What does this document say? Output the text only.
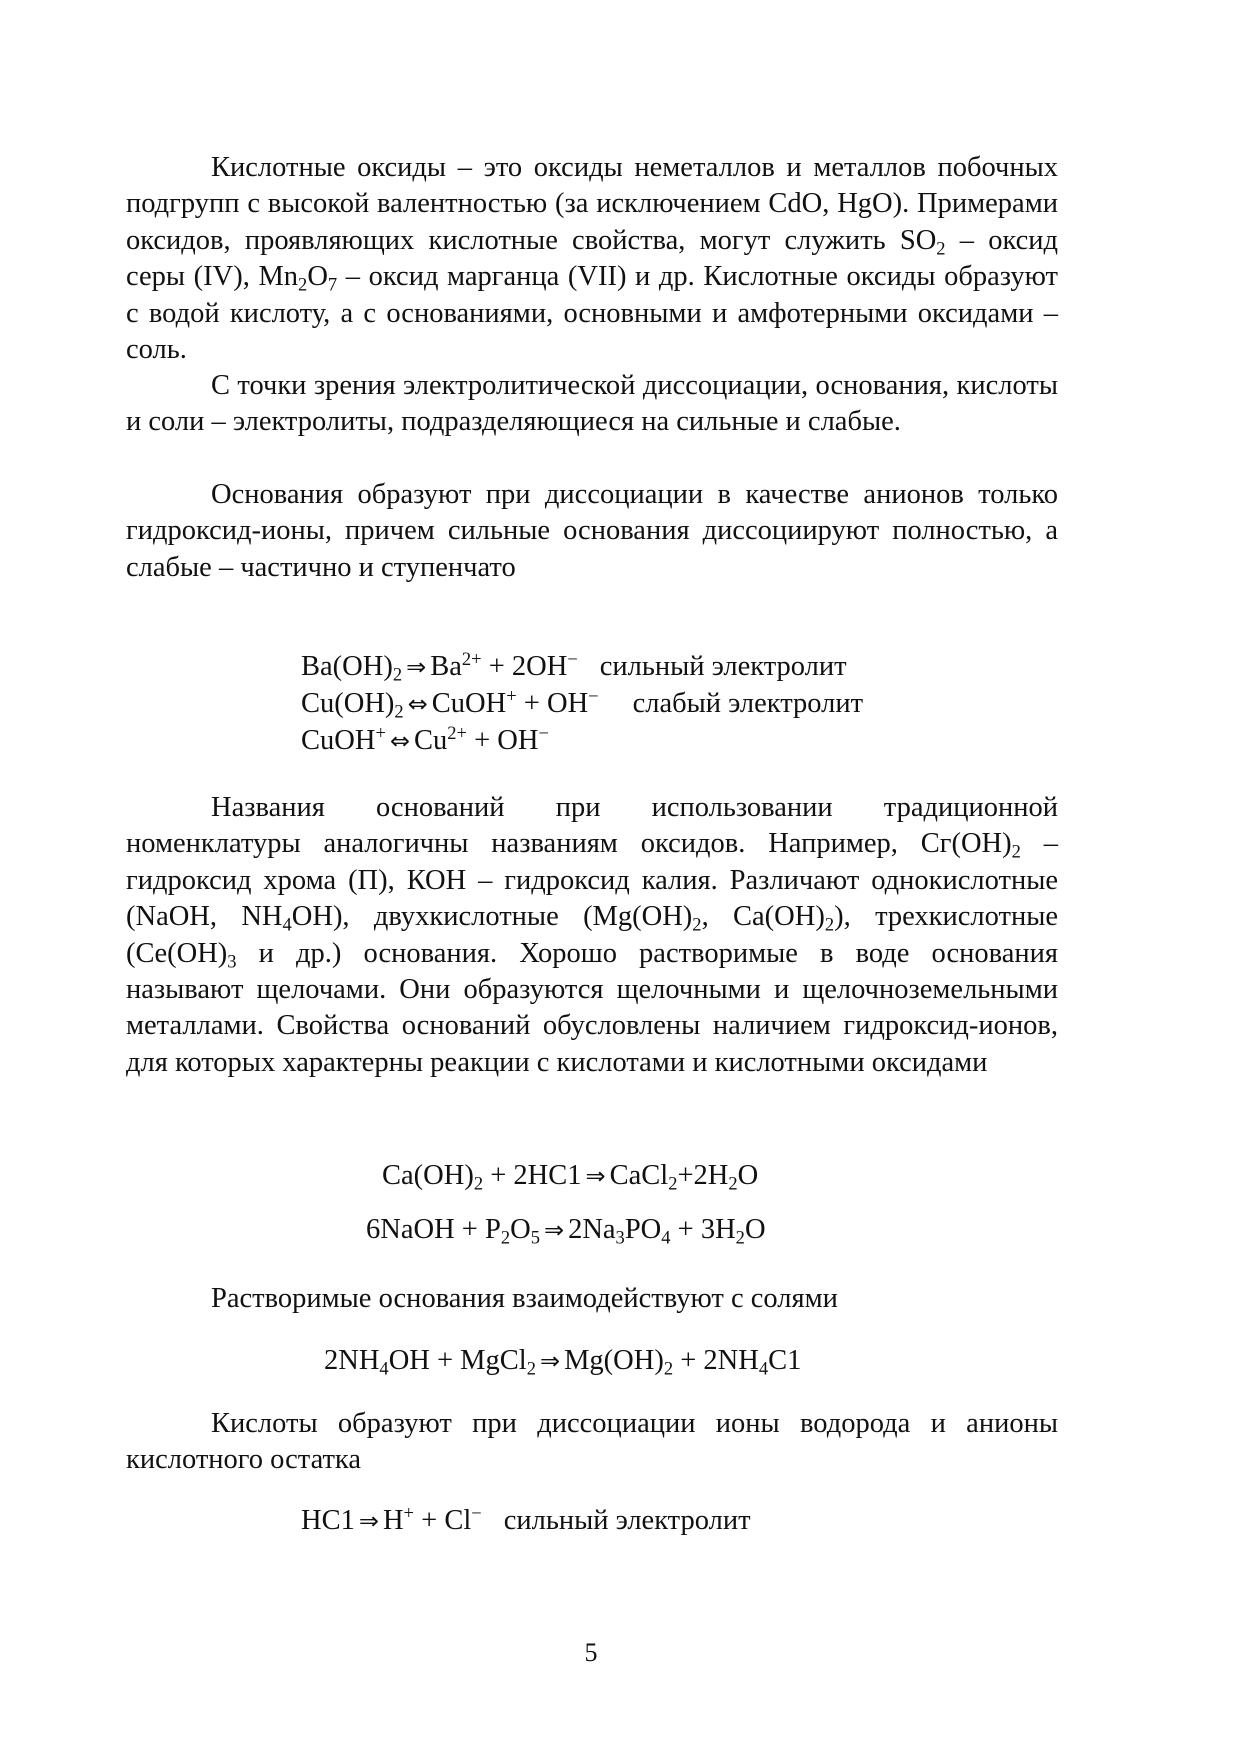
Кислотные оксиды – это оксиды неметаллов и металлов побочных подгрупп с высокой валентностью (за исключением CdO, HgO). Примерами оксидов, проявляющих кислотные свойства, могут служить $SO_2$ – оксид серы (IV), $Mn_2O_7$ – оксид марганца (VII) и др. Кислотные оксиды образуют с водой кислоту, а с основаниями, основными и амфотерными оксидами – соль.

С точки зрения электролитической диссоциации, основания, кислоты и соли – электролиты, подразделяющиеся на сильные и слабые.

Основания образуют при диссоциации в качестве анионов только гидроксид-ионы, причем сильные основания диссоциируют полностью, а слабые – частично и ступенчато

$Ba(OH)_2$ ⇒ $Ba^{2+} + 2OH^-$ сильный электролит
$Cu(OH)_2$ ⇔ CuOH+ + OH− слабый электролит
CuOH+ ⇔ $Cu^{2+} + OH^-$

Названия оснований при использовании традиционной номенклатуры аналогичны названиям оксидов. Например, $Сг(ОН)_2$ – гидроксид хрома (П), КОН – гидроксид калия. Различают однокислотные (NaOH, $NH_4OH$), двухкислотные ($Mg(OH)_2$, $Ca(OH)_2$), трехкислотные ($Ce(OH)_3$ и др.) основания. Хорошо растворимые в воде основания называют щелочами. Они образуются щелочными и щелочноземельными металлами. Свойства оснований обусловлены наличием гидроксид-ионов, для которых характерны реакции с кислотами и кислотными оксидами

$Ca(OH)_2 + 2HC1$ ⇒ $CaCl_2+2H_2O$
6NaOH + $P_2O_5$ ⇒ $2Na_3PO_4 + 3H_2O$

Растворимые основания взаимодействуют с солями

$2NH_4OH$ + MgCl$_2$ ⇒ $Mg(OH)_2 + 2NH_4C1$

Кислоты образуют при диссоциации ионы водорода и анионы кислотного остатка

HC1 ⇒ H+ + Cl− сильный электролит
5
